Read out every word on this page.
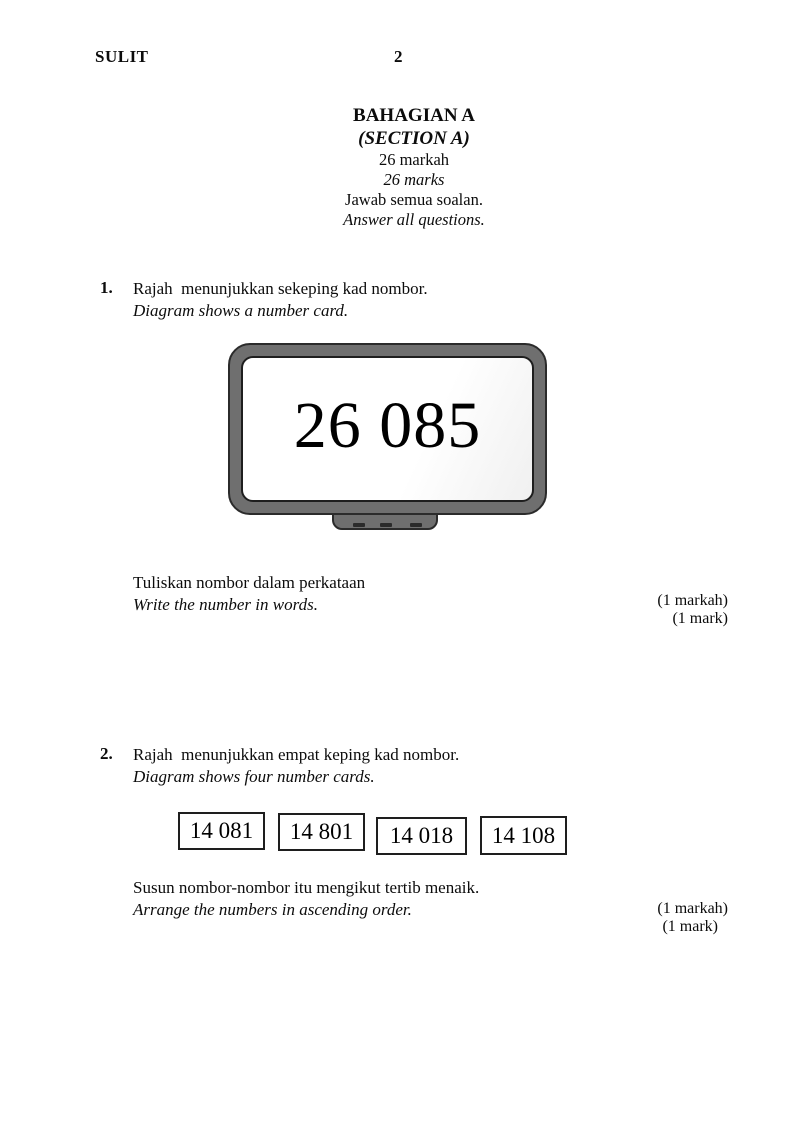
SULIT	2
BAHAGIAN A
(SECTION A)
26 markah
26 marks
Jawab semua soalan.
Answer all questions.
1. Rajah  menunjukkan sekeping kad nombor.
Diagram shows a number card.
26 085
Tuliskan nombor dalam perkataan
Write the number in words.	(1 markah)
(1 mark)
2. Rajah  menunjukkan empat keping kad nombor.
Diagram shows four number cards.
14 081	14 801	14 018	14 108
Susun nombor-nombor itu mengikut tertib menaik.
Arrange the numbers in ascending order.	(1 markah)
(1 mark)
